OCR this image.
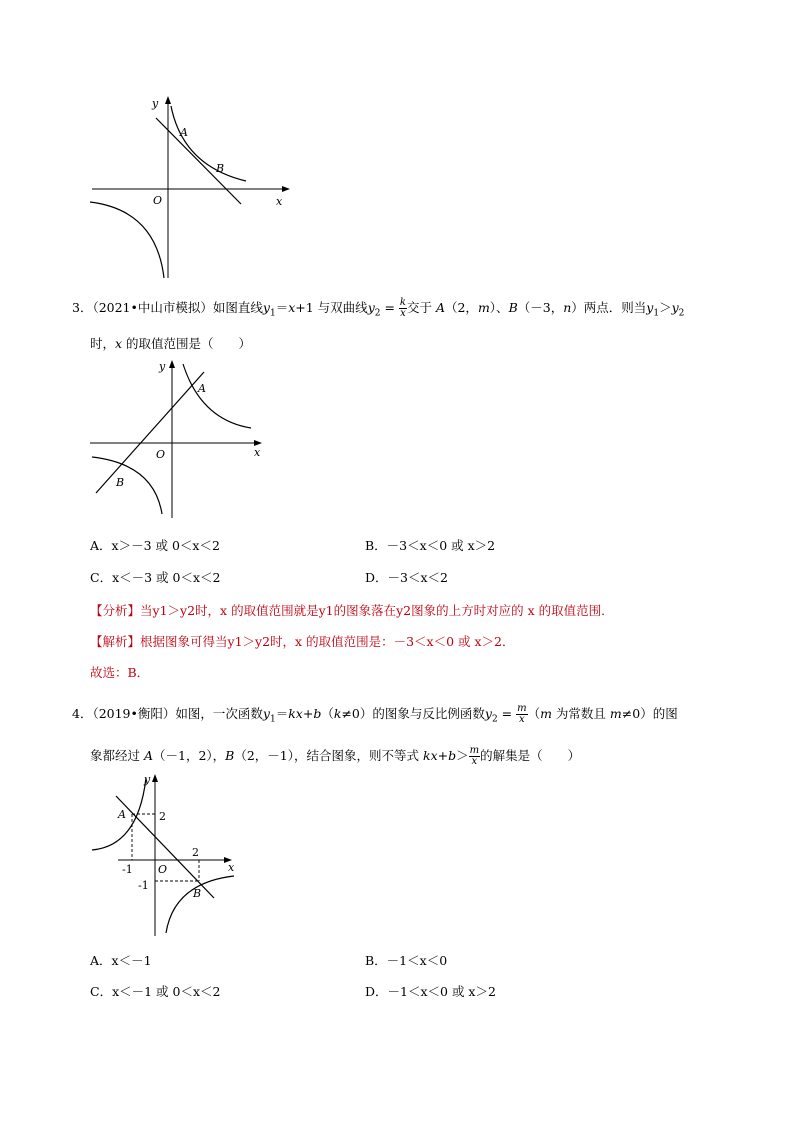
y
x
O
A
B
3．（2021•中山市模拟）如图直线$y_1=x+1$ 与双曲线$y_2 = \frac{k}{x}$ 交于 A（2，m）、B（－3，n）两点．则当$y_1>y_2$
时，x 的取值范围是（　　）
y
x
O
A
B
A．x＞－3 或 0＜x＜2	B．－3＜x＜0 或 x＞2
C．x＜－3 或 0＜x＜2	D．－3＜x＜2
【分析】当y1＞y2时，x 的取值范围就是y1的图象落在y2图象的上方时对应的 x 的取值范围．
【解析】根据图象可得当y1＞y2时，x 的取值范围是：－3＜x＜0 或 x＞2．
故选：B．
4．（2019•衡阳）如图，一次函数$y_1=kx+b(k\ne 0)$的图象与反比例函数$y_2 = \frac{m}{x} (m$ 为常数且 m≠0）的图
象都经过 A（－1，2），B（2，－1），结合图象，则不等式 $kx+b> \frac{m}{x}$ 的解集是（　　）
y
x
O
A
B
2
2
-1
-1
A．x＜－1	B．－1＜x＜0
C．x＜－1 或 0＜x＜2	D．－1＜x＜0 或 x＞2
